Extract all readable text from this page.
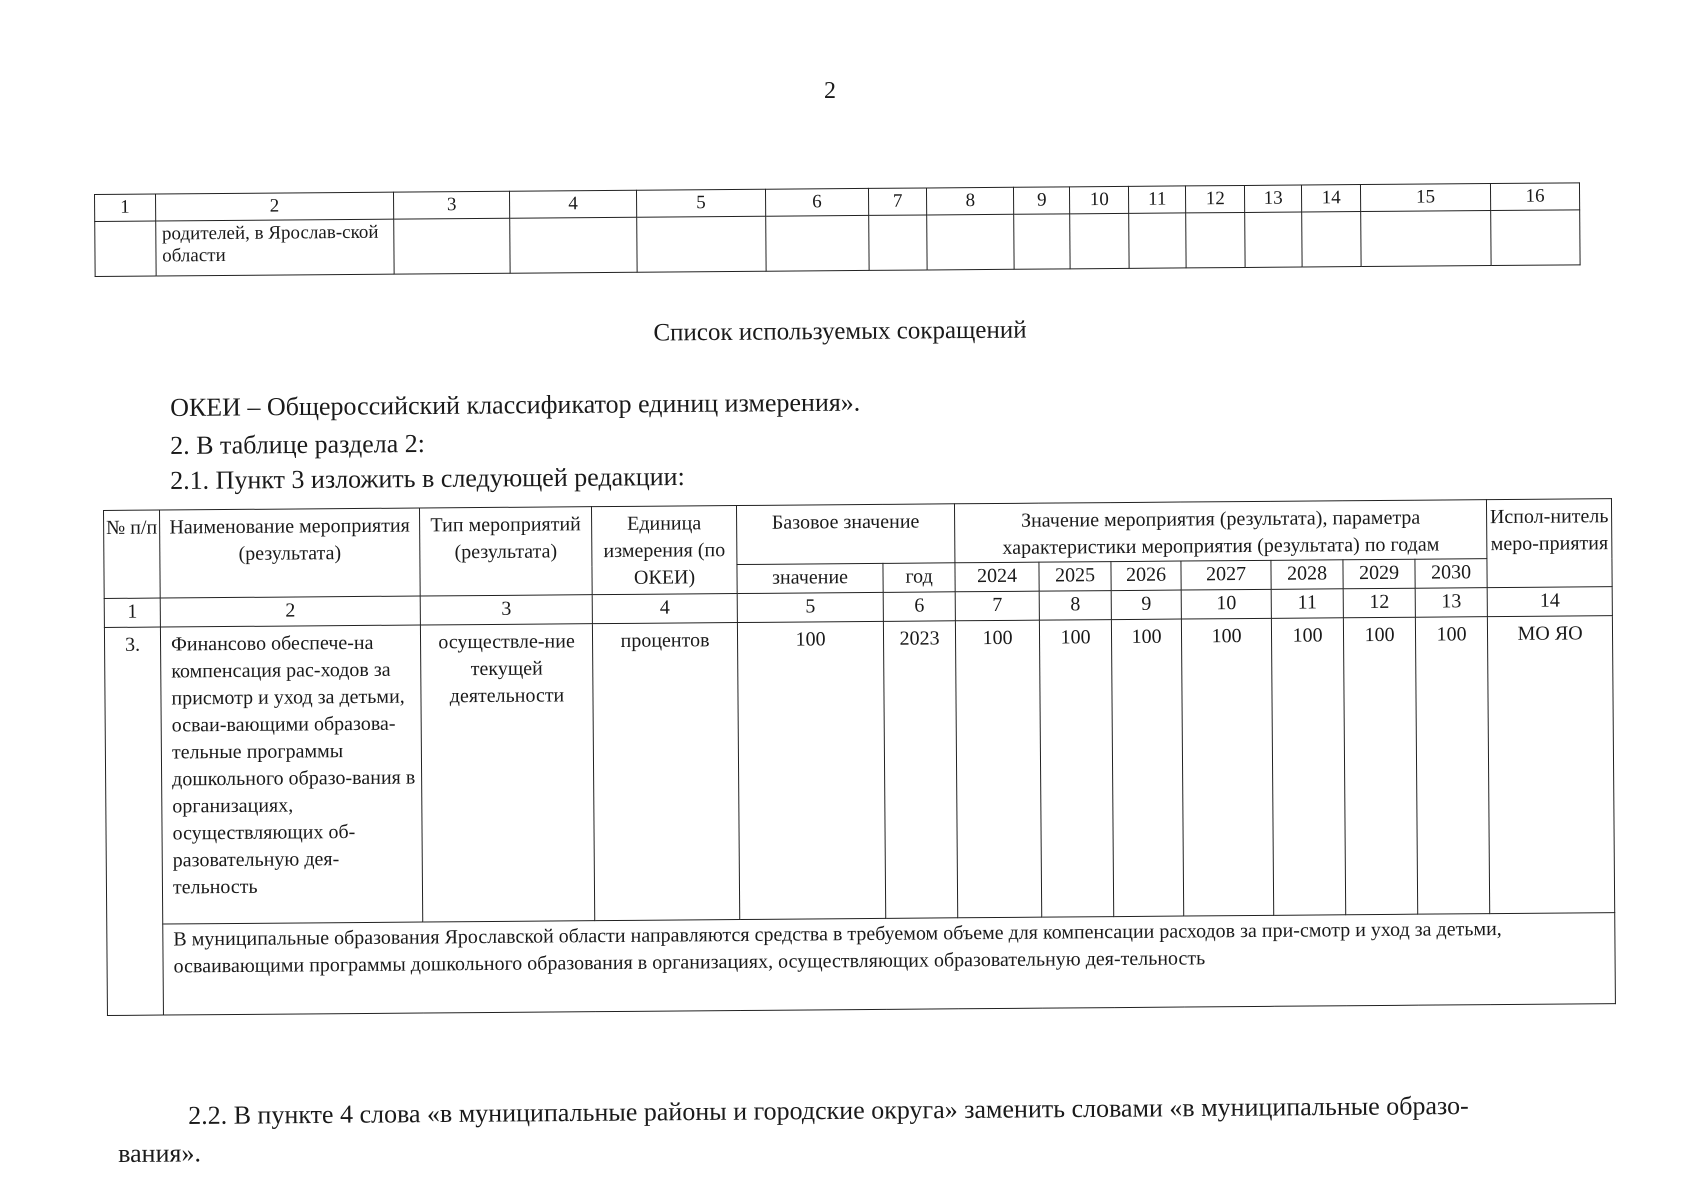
2
1	2	3	4	5	6	7	8	9	10	11	12	13	14	15	16
	родителей, в Ярослав-ской области														
Список используемых сокращений
ОКЕИ – Общероссийский классификатор единиц измерения».
2. В таблице раздела 2:
2.1. Пункт 3 изложить в следующей редакции:
№ п/п	Наименование мероприятия (результата)	Тип мероприятий (результата)	Единица измерения (по ОКЕИ)	Базовое значение		Значение мероприятия (результата), параметра характеристики мероприятия (результата) по годам							Испол-нитель меро-приятия
				значение	год	2024	2025	2026	2027	2028	2029	2030	
1	2	3	4	5	6	7	8	9	10	11	12	13	14
3.	Финансово обеспече-на компенсация рас-ходов за присмотр и уход за детьми, осваи-вающими образова-тельные программы дошкольного образо-вания в организациях, осуществляющих об-разовательную дея-тельность	осуществле-ние текущей деятельности	процентов	100	2023	100	100	100	100	100	100	100	МО ЯО
	В муниципальные образования Ярославской области направляются средства в требуемом объеме для компенсации расходов за при-смотр и уход за детьми, осваивающими программы дошкольного образования в организациях, осуществляющих образовательную дея-тельность												
2.2. В пункте 4 слова «в муниципальные районы и городские округа» заменить словами «в муниципальные образо-
вания».
